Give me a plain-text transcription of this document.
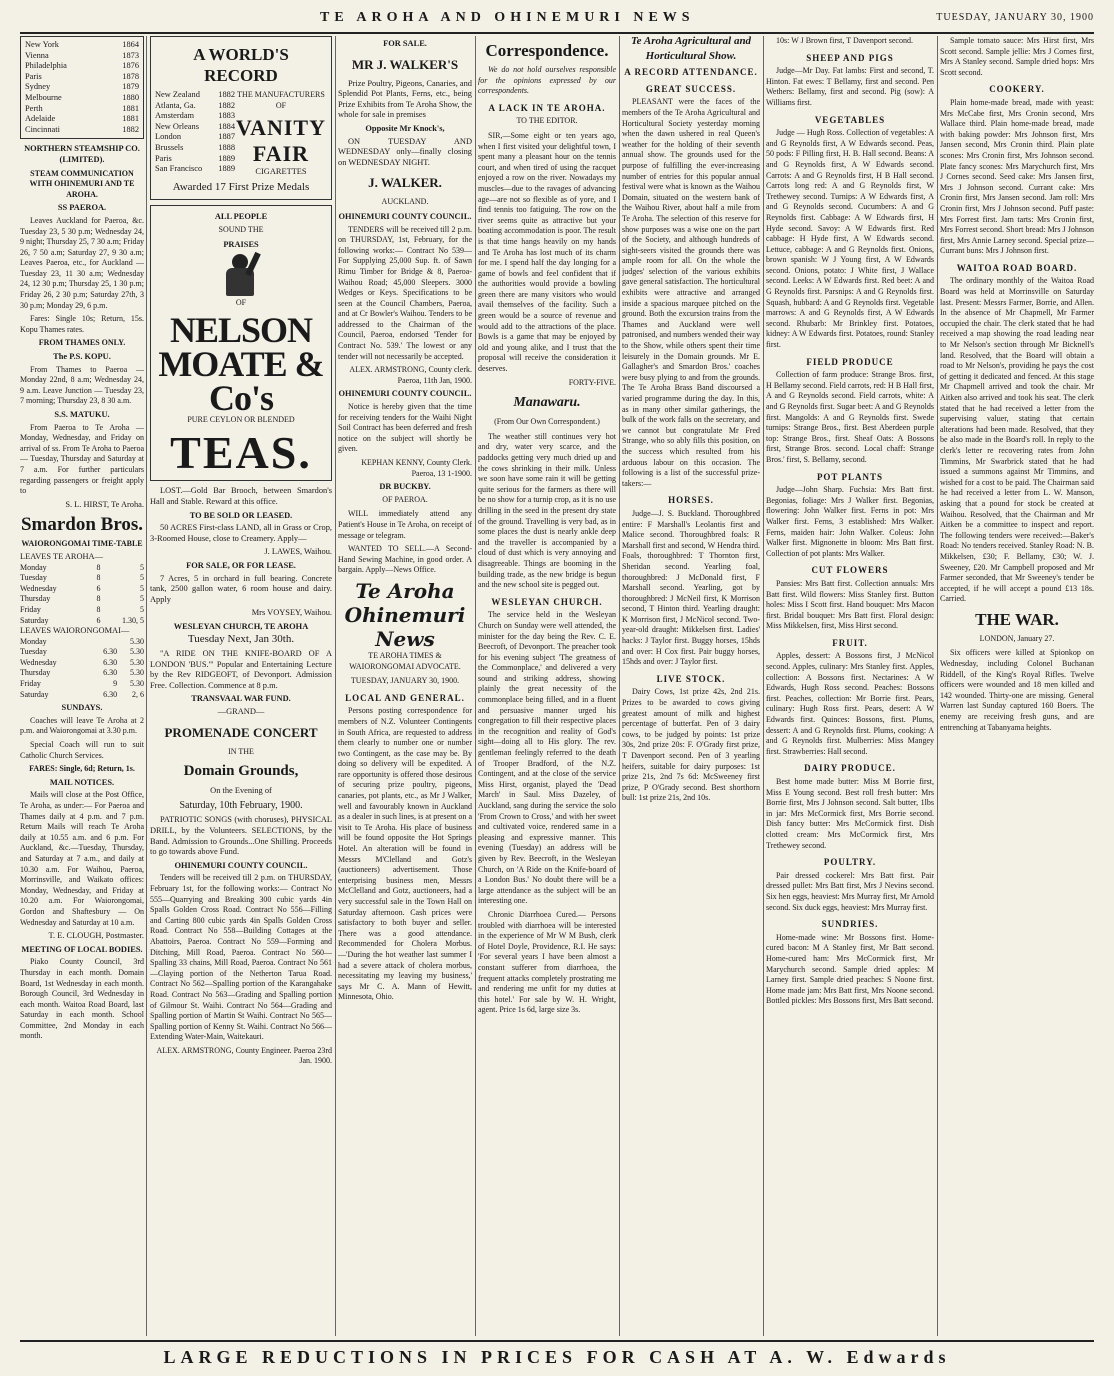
TE AROHA AND OHINEMURI NEWS	TUESDAY, JANUARY 30, 1900
New York	1864
Vienna	1873
Philadelphia	1876
Paris	1878
Sydney	1879
Melbourne	1880
Perth	1881
Adelaide	1881
Cincinnati	1882
NORTHERN STEAMSHIP CO. (LIMITED).
STEAM COMMUNICATION WITH OHINEMURI AND TE AROHA.
SS PAEROA.

Leaves Auckland for Paeroa, &c. Tuesday 23, 5 30 p.m; Wednesday 24, 9 night; Thursday 25, 7 30 a.m; Friday 26, 7 50 a.m; Saturday 27, 9 30 a.m; Leaves Paeroa, etc., for Auckland — Tuesday 23, 11 30 a.m; Wednesday 24, 12 30 p.m; Thursday 25, 1 30 p.m; Friday 26, 2 30 p.m; Saturday 27th, 3 30 p.m; Monday 29, 6 p.m.

Fares: Single 10s; Return, 15s. Kopu Thames rates.

FROM THAMES ONLY.
The P.S. KOPU.

From Thames to Paeroa — Monday 22nd, 8 a.m; Wednesday 24, 9 a.m. Leave Junction — Tuesday 23, 7 morning; Thursday 23, 8 30 a.m.

S.S. MATUKU.

From Paeroa to Te Aroha — Monday, Wednesday, and Friday on arrival of ss. From Te Aroha to Paeroa — Tuesday, Thursday and Saturday at 7 a.m. For further particulars regarding passengers or freight apply to

S. L. HIRST, Te Aroha.
Smardon Bros.
WAIORONGOMAI TIME-TABLE
LEAVES TE AROHA—
Monday	8	5
Tuesday	8	5
Wednesday	6	5
Thursday	8	5
Friday	8	5
Saturday	6	1.30, 5
LEAVES WAIORONGOMAI—
Monday		5.30
Tuesday	6.30	5.30
Wednesday	6.30	5.30
Thursday	6.30	5.30
Friday	9	5.30
Saturday	6.30	2, 6
SUNDAYS.

Coaches will leave Te Aroha at 2 p.m. and Waiorongomai at 3.30 p.m.

Special Coach will run to suit Catholic Church Services.

FARES: Single, 6d; Return, 1s.
MAIL NOTICES.

Mails will close at the Post Office, Te Aroha, as under:— For Paeroa and Thames daily at 4 p.m. and 7 p.m. Return Mails will reach Te Aroha daily at 10.55 a.m. and 6 p.m. For Auckland, &c.—Tuesday, Thursday, and Saturday at 7 a.m., and daily at 10.30 a.m. For Waihou, Paeroa, Morrinsville, and Waikato offices: Monday, Wednesday, and Friday at 10.20 a.m. For Waiorongomai, Gordon and Shaftesbury — On Wednesday and Saturday at 10 a.m.

T. E. CLOUGH, Postmaster.
MEETING OF LOCAL BODIES.

Piako County Council, 3rd Thursday in each month. Domain Board, 1st Wednesday in each month. Borough Council, 3rd Wednesday in each month. Waitoa Road Board, last Saturday in each month. School Committee, 2nd Monday in each month.

A WORLD'S RECORD
New Zealand	1882
Atlanta, Ga.	1882
Amsterdam	1883
New Orleans	1884
London	1887
Brussels	1888
Paris	1889
San Francisco	1889
THE MANUFACTURERS OF
VANITY FAIR
CIGARETTES
Awarded 17 First Prize Medals
ALL PEOPLE
SOUND THE
PRAISES
OF
NELSON MOATE & Co's
PURE CEYLON OR BLENDED
TEAS.

LOST.—Gold Bar Brooch, between Smardon's Hall and Stable. Reward at this office.

TO BE SOLD OR LEASED.

50 ACRES First-class LAND, all in Grass or Crop, 3-Roomed House, close to Creamery. Apply—

J. LAWES, Waihou.
FOR SALE, OR FOR LEASE.

7 Acres, 5 in orchard in full bearing. Concrete tank, 2500 gallon water, 6 room house and dairy. Apply

Mrs VOYSEY, Waihou.
WESLEYAN CHURCH, TE AROHA
Tuesday Next, Jan 30th.

"A RIDE ON THE KNIFE-BOARD OF A LONDON 'BUS.'" Popular and Entertaining Lecture by the Rev RIDGEOFT, of Devonport. Admission Free. Collection. Commence at 8 p.m.

TRANSVAAL WAR FUND.
—GRAND—
PROMENADE CONCERT
IN THE
Domain Grounds,
On the Evening of
Saturday, 10th February, 1900.

PATRIOTIC SONGS (with choruses), PHYSICAL DRILL, by the Volunteers. SELECTIONS, by the Band. Admission to Grounds...One Shilling. Proceeds to go towards above Fund.

OHINEMURI COUNTY COUNCIL.

Tenders will be received till 2 p.m. on THURSDAY, February 1st, for the following works:— Contract No 555—Quarrying and Breaking 300 cubic yards 4in Spalls Golden Cross Road. Contract No 556—Filling and Carting 800 cubic yards 4in Spalls Golden Cross Road. Contract No 558—Building Cottages at the Abattoirs, Paeroa. Contract No 559—Forming and Ditching, Mill Road, Paeroa. Contract No 560—Spalling 33 chains, Mill Road, Paeroa. Contract No 561—Claying portion of the Netherton Tarua Road. Contract No 562—Spalling portion of the Karangahake Road. Contract No 563—Grading and Spalling portion of Gilmour St. Waihi. Contract No 564—Grading and Spalling portion of Martin St Waihi. Contract No 565—Spalling portion of Kenny St. Waihi. Contract No 566—Extending Water-Main, Waitekauri.

ALEX. ARMSTRONG, County Engineer. Paeroa 23rd Jan. 1900.
FOR SALE.
MR J. WALKER'S

Prize Poultry, Pigeons, Canaries, and Splendid Pot Plants, Ferns, etc., being Prize Exhibits from Te Aroha Show, the whole for sale in premises

Opposite Mr Knock's,

ON TUESDAY AND WEDNESDAY only—finally closing on WEDNESDAY NIGHT.

J. WALKER.
AUCKLAND.
OHINEMURI COUNTY COUNCIL.

TENDERS will be received till 2 p.m. on THURSDAY, 1st, February, for the following works:— Contract No 539—For Supplying 25,000 Sup. ft. of Sawn Rimu Timber for Bridge & 8, Paeroa-Waihou Road; 45,000 Sleepers. 3000 Wedges or Keys. Specifications to be seen at the Council Chambers, Paeroa, and at Cr Bowler's Waihou. Tenders to be addressed to the Chairman of the Council, Paeroa, endorsed 'Tender for Contract No. 539.' The lowest or any tender will not necessarily be accepted.

ALEX. ARMSTRONG, County clerk. Paeroa, 11th Jan, 1900.
OHINEMURI COUNTY COUNCIL.

Notice is hereby given that the time for receiving tenders for the Waihi Night Soil Contract has been deferred and fresh notice on the subject will shortly be given.

KEPHAN KENNY, County Clerk. Paeroa, 13 1-1900.
DR BUCKBY.
OF PAEROA.

WILL immediately attend any Patient's House in Te Aroha, on receipt of message or telegram.

WANTED TO SELL.—A Second-Hand Sewing Machine, in good order. A bargain. Apply—News Office.

Te Aroha
Ohinemuri News
TE AROHA TIMES & WAIORONGOMAI ADVOCATE.
TUESDAY, JANUARY 30, 1900.
LOCAL AND GENERAL.

Persons posting correspondence for members of N.Z. Volunteer Contingents in South Africa, are requested to address them clearly to number one or number two Contingent, as the case may be. By doing so delivery will be expedited. A rare opportunity is offered those desirous of securing prize poultry, pigeons, canaries, pot plants, etc., as Mr J Walker, well and favourably known in Auckland as a dealer in such lines, is at present on a visit to Te Aroha. His place of business will be found opposite the Hot Springs Hotel. An alteration will be found in Messrs M'Clelland and Gotz's (auctioneers) advertisement. Those enterprising business men, Messrs McClelland and Gotz, auctioneers, had a very successful sale in the Town Hall on Saturday afternoon. Cash prices were satisfactory to both buyer and seller. There was a good attendance. Recommended for Cholera Morbus.—'During the hot weather last summer I had a severe attack of cholera morbus, necessitating my leaving my business,' says Mr C. A. Mann of Hewitt, Minnesota, Ohio.

Correspondence.

We do not hold ourselves responsible for the opinions expressed by our correspondents.

A LACK IN TE AROHA.
TO THE EDITOR.

SIR,—Some eight or ten years ago, when I first visited your delightful town, I spent many a pleasant hour on the tennis court, and when tired of using the racquet enjoyed a row on the river. Nowadays my muscles—due to the ravages of advancing age—are not so flexible as of yore, and I find tennis too fatiguing. The row on the river seems quite as attractive but your boating accommodation is poor. The result is that time hangs heavily on my hands and Te Aroha has lost much of its charm for me. I spend half the day longing for a game of bowls and feel confident that if the authorities would provide a bowling green there are many visitors who would avail themselves of the facility. Such a green would be a source of revenue and would add to the attractions of the place. Bowls is a game that may be enjoyed by old and young alike, and I trust that the proposal will receive the consideration it deserves.

FORTY-FIVE.
Manawaru.
(From Our Own Correspondent.)

The weather still continues very hot and dry, water very scarce, and the paddocks getting very much dried up and the cows shrinking in their milk. Unless we soon have some rain it will be getting quite serious for the farmers as there will be no show for a turnip crop, as it is no use drilling in the seed in the present dry state of the ground. Travelling is very bad, as in some places the dust is nearly ankle deep and the traveller is accompanied by a cloud of dust which is very annoying and disagreeable. Things are booming in the building trade, as the new bridge is begun and the new school site is pegged out.

WESLEYAN CHURCH.

The service held in the Wesleyan Church on Sunday were well attended, the minister for the day being the Rev. C. E. Beecroft, of Devonport. The preacher took for his evening subject 'The greatness of the Commonplace,' and delivered a very sound and striking address, showing plainly the great necessity of the commonplace being filled, and in a fluent and persuasive manner urged his congregation to fill their respective places in the recognition and reality of God's sight—doing all to His glory. The rev. gentleman feelingly referred to the death of Trooper Bradford, of the N.Z. Contingent, and at the close of the service Miss Hirst, organist, played the 'Dead March' in Saul. Miss Dazeley, of Auckland, sang during the service the solo 'From Crown to Cross,' and with her sweet and cultivated voice, rendered same in a pleasing and expressive manner. This evening (Tuesday) an address will be given by Rev. Beecroft, in the Wesleyan Church, on 'A Ride on the Knife-board of a London Bus.' No doubt there will be a large attendance as the subject will be an interesting one.

Chronic Diarrhoea Cured.— Persons troubled with diarrhoea will be interested in the experience of Mr W M Bush, clerk of Hotel Doyle, Providence, R.I. He says: 'For several years I have been almost a constant sufferer from diarrhoea, the frequent attacks completely prostrating me and rendering me unfit for my duties at this hotel.' For sale by W. H. Wright, agent. Price 1s 6d, large size 3s.

Te Aroha Agricultural and
Horticultural Show.
A RECORD ATTENDANCE.
GREAT SUCCESS.

PLEASANT were the faces of the members of the Te Aroha Agricultural and Horticultural Society yesterday morning when the dawn ushered in real Queen's weather for the holding of their seventh annual show. The grounds used for the purpose of fulfilling the ever-increasing number of entries for this popular annual festival were what is known as the Waihou Domain, situated on the western bank of the Waihou River, about half a mile from Te Aroha. The selection of this reserve for show purposes was a wise one on the part of the Society, and although hundreds of sight-seers visited the grounds there was ample room for all. On the whole the judges' selection of the various exhibits gave general satisfaction. The horticultural exhibits were attractive and arranged inside a spacious marquee pitched on the ground. Both the excursion trains from the Thames and Auckland were well patronised, and numbers wended their way to the Show, while others spent their time leisurely in the Domain grounds. Mr E. Gallagher's and Smardon Bros.' coaches were busy plying to and from the grounds. The Te Aroha Brass Band discoursed a varied programme during the day. In this, as in many other similar gatherings, the bulk of the work falls on the secretary, and we cannot but congratulate Mr Fred Strange, who so ably fills this position, on the success which resulted from his arduous labour on this occasion. The following is a list of the successful prize-takers:—

HORSES.

Judge—J. S. Buckland. Thoroughbred entire: F Marshall's Leolantis first and Malice second. Thoroughbred foals: R Marshall first and second, W Hendra third. Foals, thoroughbred: T Thornton first, Sheridan second. Yearling foal, thoroughbred: J McDonald first, F Marshall second. Yearling, got by thoroughbred: J McNeil first, K Morrison second, T Hinton third. Yearling draught: K Morrison first, J McNicol second. Two-year-old draught: Mikkelsen first. Ladies' hacks: J Taylor first. Buggy horses, 15hds and over: H Cox first. Pair buggy horses, 15hds and over: J Taylor first.

LIVE STOCK.

Dairy Cows, 1st prize 42s, 2nd 21s. Prizes to be awarded to cows giving greatest amount of milk and highest percentage of butterfat. Pen of 3 dairy cows, to be judged by points: 1st prize 30s, 2nd prize 20s: F. O'Grady first prize, T Davenport second. Pen of 3 yearling heifers, suitable for dairy purposes: 1st prize 21s, 2nd 7s 6d: McSweeney first prize, P O'Grady second. Best shorthorn bull: 1st prize 21s, 2nd 10s.

10s: W J Brown first, T Davenport second.

SHEEP AND PIGS

Judge—Mr Day. Fat lambs: First and second, T. Hinton. Fat ewes: T Bellamy, first and second. Pen Wethers: Bellamy, first and second. Pig (sow): A Williams first.

VEGETABLES

Judge — Hugh Ross. Collection of vegetables: A and G Reynolds first, A W Edwards second. Peas, 50 pods: F Pilling first, H. B. Hall second. Beans: A and G Reynolds first, A W Edwards second. Carrots: A and G Reynolds first, H B Hall second. Carrots long red: A and G Reynolds first, W Trethewey second. Turnips: A W Edwards first, A and G Reynolds second. Cucumbers: A and G Reynolds first. Cabbage: A W Edwards first, H Hyde second. Savoy: A W Edwards first. Red cabbage: H Hyde first, A W Edwards second. Lettuce, cabbage: A and G Reynolds first. Onions, brown spanish: W J Young first, A W Edwards second. Onions, potato: J White first, J Wallace second. Leeks: A W Edwards first. Red beet: A and G Reynolds first. Parsnips: A and G Reynolds first. Squash, hubbard: A and G Reynolds first. Vegetable marrows: A and G Reynolds first, A W Edwards second. Rhubarb: Mr Brinkley first. Potatoes, kidney: A W Edwards first. Potatoes, round: Stanley first.

FIELD PRODUCE

Collection of farm produce: Strange Bros. first, H Bellamy second. Field carrots, red: H B Hall first, A and G Reynolds second. Field carrots, white: A and G Reynolds first. Sugar beet: A and G Reynolds first. Mangolds: A and G Reynolds first. Swede turnips: Strange Bros., first. Best Aberdeen purple top: Strange Bros., first. Sheaf Oats: A Bossons first, Strange Bros. second. Local chaff: Strange Bros.' first, S. Bellamy, second.

POT PLANTS

Judge—John Sharp. Fuchsia: Mrs Batt first. Begonias, foliage: Mrs J Walker first. Begonias, flowering: John Walker first. Ferns in pot: Mrs Walker first. Ferns, 3 established: Mrs Walker. Ferns, maiden hair: John Walker. Coleus: John Walker first. Mignonette in bloom: Mrs Batt first. Collection of pot plants: Mrs Walker.

CUT FLOWERS

Pansies: Mrs Batt first. Collection annuals: Mrs Batt first. Wild flowers: Miss Stanley first. Button holes: Miss I Scott first. Hand bouquet: Mrs Macon first. Bridal bouquet: Mrs Batt first. Floral design: Miss Mikkelsen, first, Miss Hirst second.

FRUIT.

Apples, dessert: A Bossons first, J McNicol second. Apples, culinary: Mrs Stanley first. Apples, collection: A Bossons first. Nectarines: A W Edwards, Hugh Ross second. Peaches: Bossons first. Peaches, collection: Mr Borrie first. Pears, culinary: Hugh Ross first. Pears, desert: A W Edwards first. Quinces: Bossons, first. Plums, dessert: A and G Reynolds first. Plums, cooking: A and G Reynolds first. Mulberries: Miss Mangey first. Strawberries: Hall second.

DAIRY PRODUCE.

Best home made butter: Miss M Borrie first, Miss E Young second. Best roll fresh butter: Mrs Borrie first, Mrs J Johnson second. Salt butter, 1lbs in jar: Mrs McCormick first, Mrs Borrie second. Dish fancy butter: Mrs McCormick first. Dish clotted cream: Mrs McCormick first, Mrs Trethewey second.

POULTRY.

Pair dressed cockerel: Mrs Batt first. Pair dressed pullet: Mrs Batt first, Mrs J Nevins second. Six hen eggs, heaviest: Mrs Murray first, Mr Arnold second. Six duck eggs, heaviest: Mrs Murray first.

SUNDRIES.

Home-made wine: Mr Bossons first. Home-cured bacon: M A Stanley first, Mr Batt second. Home-cured ham: Mrs McCormick first, Mr Marychurch second. Sample dried apples: M Larney first. Sample dried peaches: S Noone first. Home made jam: Mrs Batt first, Mrs Noone second. Bottled pickles: Mrs Bossons first, Mrs Batt second.

Sample tomato sauce: Mrs Hirst first, Mrs Scott second. Sample jellie: Mrs J Cornes first, Mrs A Stanley second. Sample dried hops: Mrs Scott second.

COOKERY.

Plain home-made bread, made with yeast: Mrs McCabe first, Mrs Cronin second, Mrs Wallace third. Plain home-made bread, made with baking powder: Mrs Johnson first, Mrs Jansen second, Mrs Cronin third. Plain plate scones: Mrs Cronin first, Mrs Johnson second. Plate fancy scones: Mrs Marychurch first, Mrs J Cornes second. Seed cake: Mrs Jansen first, Mrs J Johnson second. Currant cake: Mrs Cronin first, Mrs Jansen second. Jam roll: Mrs Cronin first, Mrs J Johnson second. Puff paste: Mrs Forrest first. Jam tarts: Mrs Cronin first, Mrs Forrest second. Short bread: Mrs J Johnson first, Mrs Annie Larney second. Special prize—Currant buns: Mrs J Johnson first.

WAITOA ROAD BOARD.

The ordinary monthly of the Waitoa Road Board was held at Morrinsville on Saturday last. Present: Messrs Farmer, Borrie, and Allen. In the absence of Mr Chapmell, Mr Farmer occupied the chair. The clerk stated that he had received a map showing the road leading near to Mr Nelson's section through Mr Bicknell's land. Resolved, that the Board will obtain a road to Mr Nelson's, providing he pays the cost of getting it dedicated and fenced. At this stage Mr Chapmell arrived and took the chair. Mr Aitken also arrived and took his seat. The clerk stated that he had received a letter from the supervising valuer, stating that certain alterations had been made. Resolved, that they be also made in the Board's roll. In reply to the clerk's letter re recovering rates from John Timmins, Mr Swarbrick stated that he had issued a summons against Mr Timmins, and wished for a cost to be paid. The Chairman said he had received a letter from L. W. Manson, asking that a pound for stock be created at Waihou. Resolved, that the Chairman and Mr Aitken be a committee to inspect and report. The following tenders were received:—Baker's Road: No tenders received. Stanley Road: N. B. Mikkelsen, £30; F. Bellamy, £30; W. J. Sweeney, £20. Mr Campbell proposed and Mr Farmer seconded, that Mr Sweeney's tender be accepted, if he will accept a pound £13 18s. Carried.

THE WAR.
LONDON, January 27.

Six officers were killed at Spionkop on Wednesday, including Colonel Buchanan Riddell, of the King's Royal Rifles. Twelve officers were wounded and 18 men killed and 142 wounded. Thirty-one are missing. General Warren last Sunday captured 160 Boers. The enemy are receiving fresh guns, and are entrenching at Tabanyama heights.

LARGE REDUCTIONS IN PRICES FOR CASH AT A. W. Edwards
